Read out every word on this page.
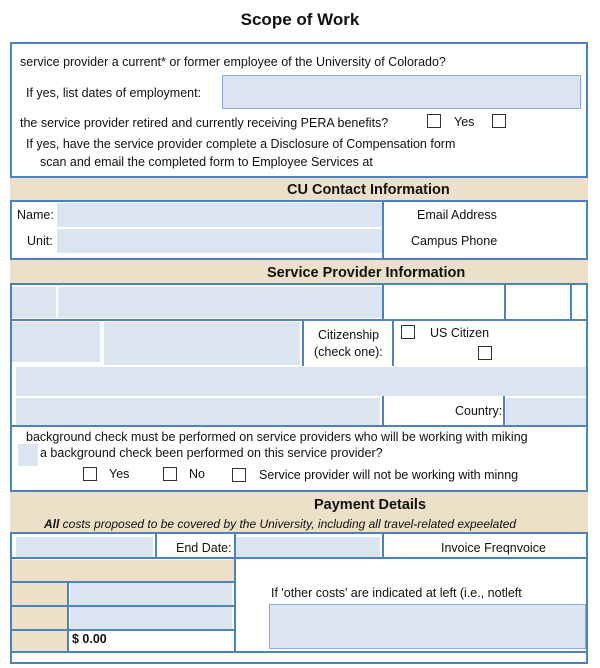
Scope of Work
service provider a current* or former employee of the University of Colorado?
If yes, list dates of employment:
the service provider retired and currently receiving PERA benefits?	Yes
If yes, have the service provider complete a Disclosure of Compensation form
scan and email the completed form to Employee Services at
CU Contact Information
Name:	Email Address
Unit:	Campus Phone
Service Provider Information
Citizenship
(check one):
US Citizen
Country:
background check must be performed on service providers who will be working with miking
a background check been performed on this service provider?
Yes	No	Service provider will not be working with minng
Payment Details
All costs proposed to be covered by the University, including all travel-related expeelated
End Date:	Invoice Freqnvoice
$ 0.00
If 'other costs' are indicated at left (i.e., notleft
